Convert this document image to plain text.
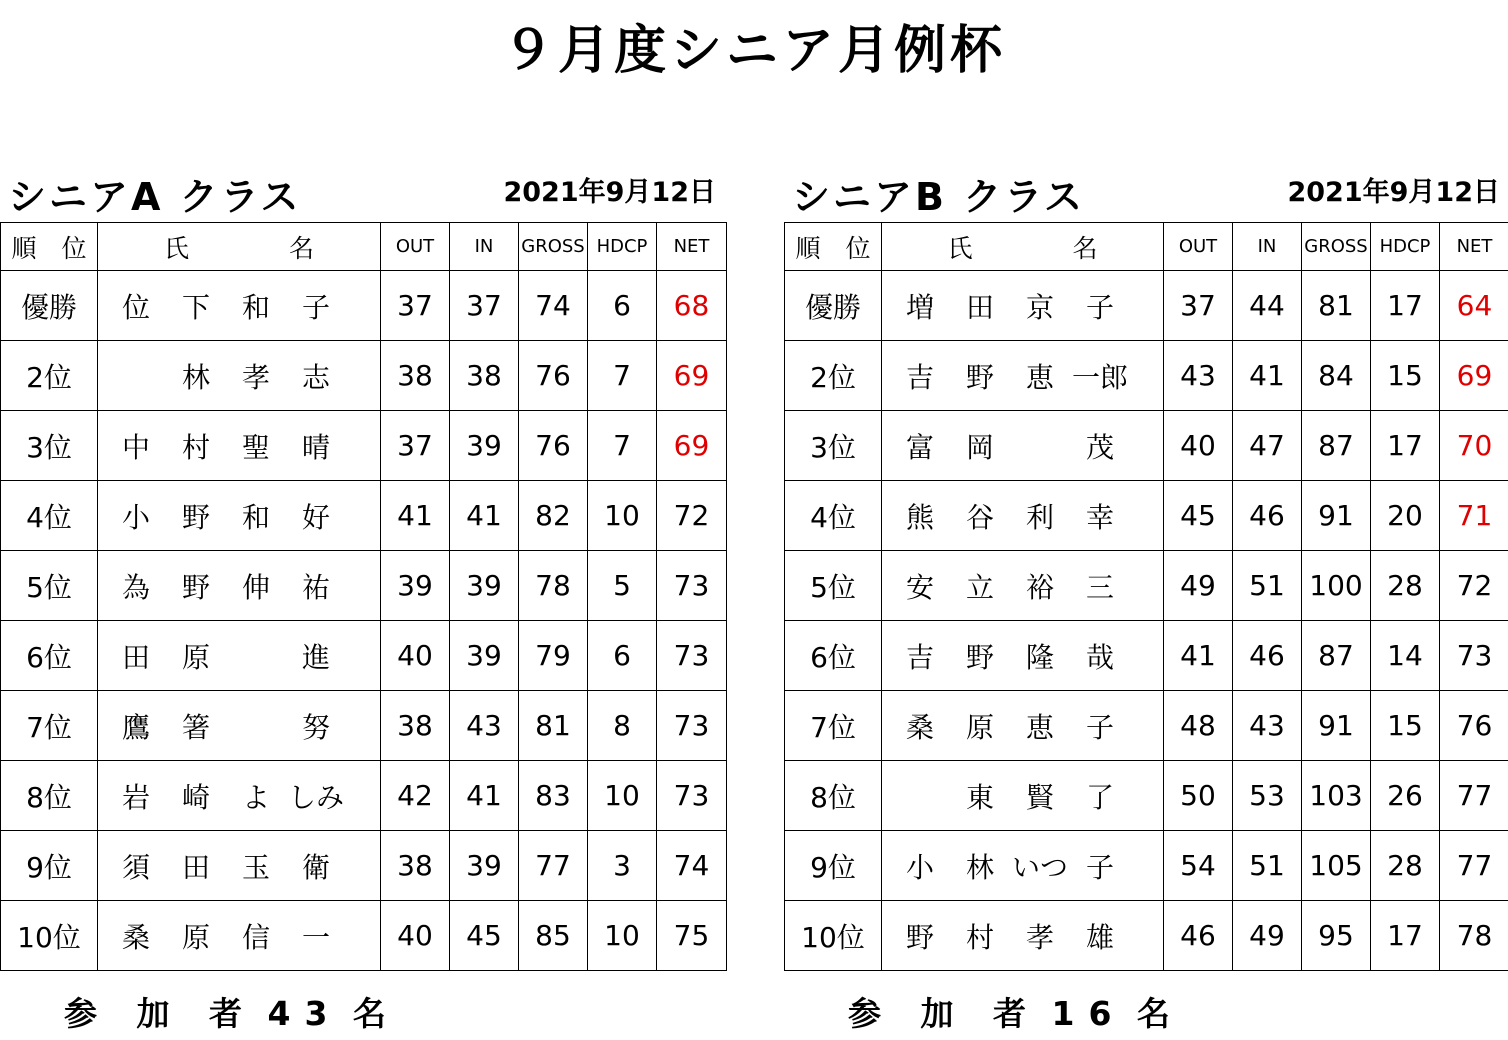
９月度シニア月例杯
シニアA クラス	2021年9月12日
順　位	氏　　　　名	OUT	IN	GROSS	HDCP	NET
優勝	位 下 和 子	37	37	74	6	68
2位	林 孝 志	38	38	76	7	69
3位	中 村 聖 晴	37	39	76	7	69
4位	小 野 和 好	41	41	82	10	72
5位	為 野 伸 祐	39	39	78	5	73
6位	田 原 進	40	39	79	6	73
7位	鷹 箸 努	38	43	81	8	73
8位	岩 崎 よ しみ	42	41	83	10	73
9位	須 田 玉 衛	38	39	77	3	74
10位	桑 原 信 一	40	45	85	10	75
参 加 者 43 名
シニアB クラス	2021年9月12日
順　位	氏　　　　名	OUT	IN	GROSS	HDCP	NET
優勝	増 田 京 子	37	44	81	17	64
2位	吉 野 恵 一郎	43	41	84	15	69
3位	富 岡 茂	40	47	87	17	70
4位	熊 谷 利 幸	45	46	91	20	71
5位	安 立 裕 三	49	51	100	28	72
6位	吉 野 隆 哉	41	46	87	14	73
7位	桑 原 恵 子	48	43	91	15	76
8位	東 賢 了	50	53	103	26	77
9位	小 林 いつ 子	54	51	105	28	77
10位	野 村 孝 雄	46	49	95	17	78
参 加 者 16 名
